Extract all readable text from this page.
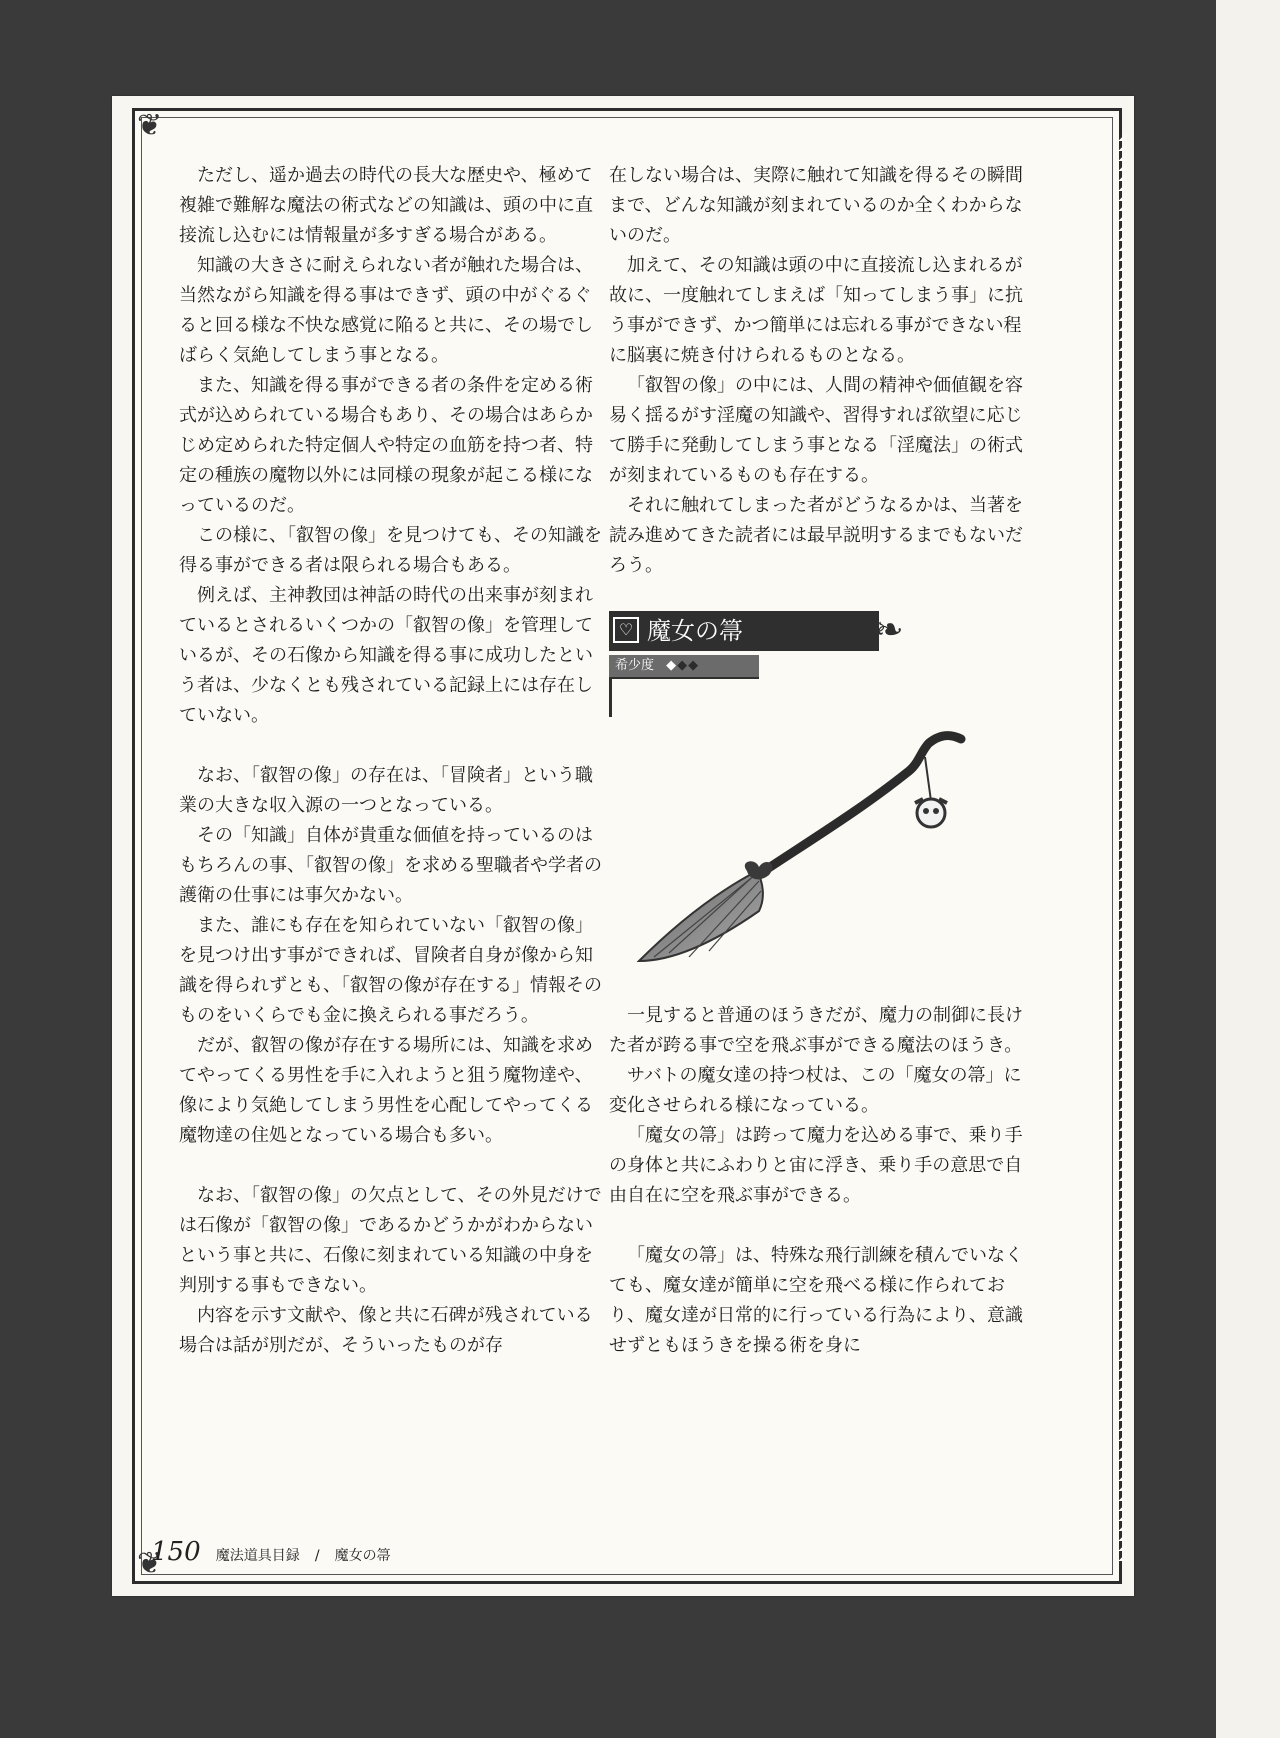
❦
❦

ただし、遥か過去の時代の長大な歴史や、極めて複雑で難解な魔法の術式などの知識は、頭の中に直接流し込むには情報量が多すぎる場合がある。

知識の大きさに耐えられない者が触れた場合は、当然ながら知識を得る事はできず、頭の中がぐるぐると回る様な不快な感覚に陥ると共に、その場でしばらく気絶してしまう事となる。

また、知識を得る事ができる者の条件を定める術式が込められている場合もあり、その場合はあらかじめ定められた特定個人や特定の血筋を持つ者、特定の種族の魔物以外には同様の現象が起こる様になっているのだ。

この様に、「叡智の像」を見つけても、その知識を得る事ができる者は限られる場合もある。

例えば、主神教団は神話の時代の出来事が刻まれているとされるいくつかの「叡智の像」を管理しているが、その石像から知識を得る事に成功したという者は、少なくとも残されている記録上には存在していない。

なお、「叡智の像」の存在は、「冒険者」という職業の大きな収入源の一つとなっている。

その「知識」自体が貴重な価値を持っているのはもちろんの事、「叡智の像」を求める聖職者や学者の護衛の仕事には事欠かない。

また、誰にも存在を知られていない「叡智の像」を見つけ出す事ができれば、冒険者自身が像から知識を得られずとも、「叡智の像が存在する」情報そのものをいくらでも金に換えられる事だろう。

だが、叡智の像が存在する場所には、知識を求めてやってくる男性を手に入れようと狙う魔物達や、像により気絶してしまう男性を心配してやってくる魔物達の住処となっている場合も多い。

なお、「叡智の像」の欠点として、その外見だけでは石像が「叡智の像」であるかどうかがわからないという事と共に、石像に刻まれている知識の中身を判別する事もできない。

内容を示す文献や、像と共に石碑が残されている場合は話が別だが、そういったものが存

在しない場合は、実際に触れて知識を得るその瞬間まで、どんな知識が刻まれているのか全くわからないのだ。

加えて、その知識は頭の中に直接流し込まれるが故に、一度触れてしまえば「知ってしまう事」に抗う事ができず、かつ簡単には忘れる事ができない程に脳裏に焼き付けられるものとなる。

「叡智の像」の中には、人間の精神や価値観を容易く揺るがす淫魔の知識や、習得すれば欲望に応じて勝手に発動してしまう事となる「淫魔法」の術式が刻まれているものも存在する。

それに触れてしまった者がどうなるかは、当著を読み進めてきた読者には最早説明するまでもないだろう。

♡ 魔女の箒	❧
希少度 ◆◆◆

一見すると普通のほうきだが、魔力の制御に長けた者が跨る事で空を飛ぶ事ができる魔法のほうき。

サバトの魔女達の持つ杖は、この「魔女の箒」に変化させられる様になっている。

「魔女の箒」は跨って魔力を込める事で、乗り手の身体と共にふわりと宙に浮き、乗り手の意思で自由自在に空を飛ぶ事ができる。

「魔女の箒」は、特殊な飛行訓練を積んでいなくても、魔女達が簡単に空を飛べる様に作られており、魔女達が日常的に行っている行為により、意識せずともほうきを操る術を身に

150 魔法道具目録 / 魔女の箒
